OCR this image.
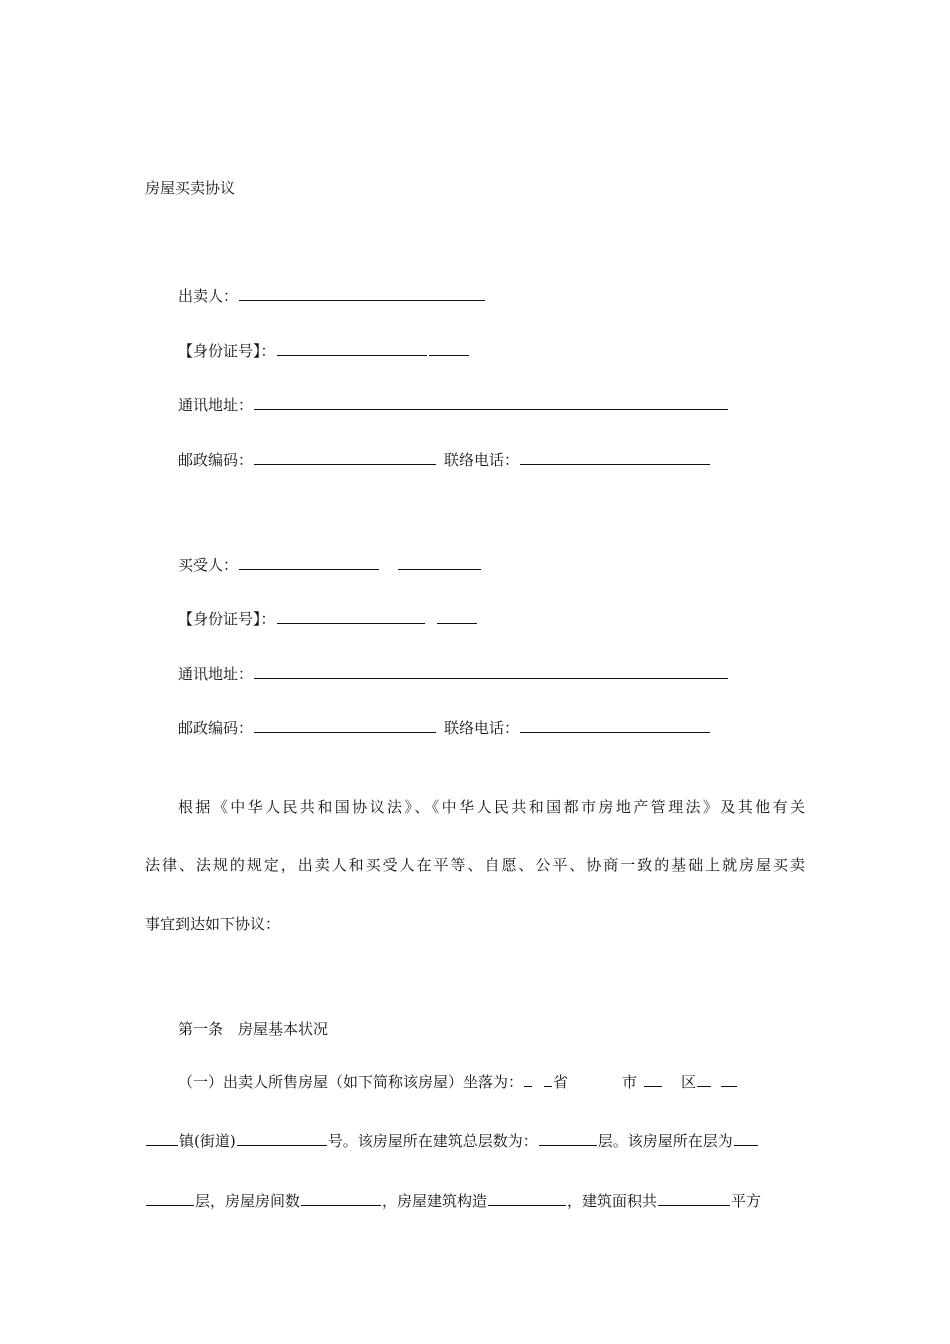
房屋买卖协议
出卖人：
【身份证号】：
通讯地址：
邮政编码：	联络电话：
买受人：
【身份证号】：
通讯地址：
邮政编码：	联络电话：
根据《中华人民共和国协议法》、《中华人民共和国都市房地产管理法》及其他有关
法律、法规的规定，出卖人和买受人在平等、自愿、公平、协商一致的基础上就房屋买卖
事宜到达如下协议：
第一条　房屋基本状况
（一）出卖人所售房屋（如下简称该房屋）坐落为： 省	市	区
镇(街道)	号。该房屋所在建筑总层数为：	层。该房屋所在层为
层，房屋房间数	，房屋建筑构造	，建筑面积共	平方
